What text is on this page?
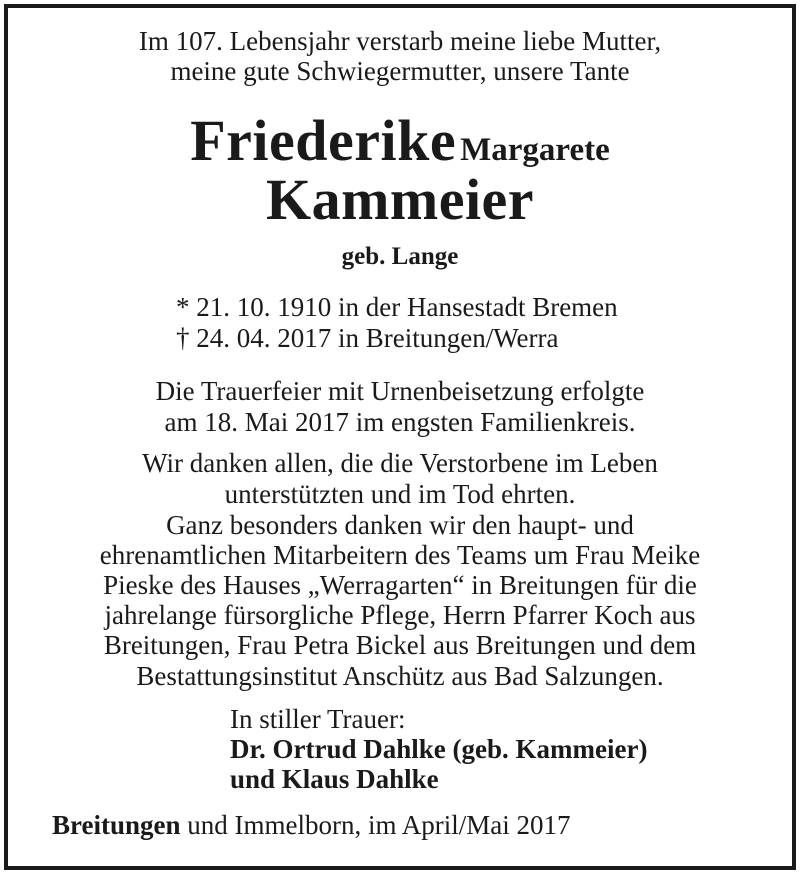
Im 107. Lebensjahr verstarb meine liebe Mutter,
meine gute Schwiegermutter, unsere Tante
Friederike Margarete
Kammeier
geb. Lange
* 21. 10. 1910 in der Hansestadt Bremen
† 24. 04. 2017 in Breitungen/Werra
Die Trauerfeier mit Urnenbeisetzung erfolgte
am 18. Mai 2017 im engsten Familienkreis.
Wir danken allen, die die Verstorbene im Leben
unterstützten und im Tod ehrten.
Ganz besonders danken wir den haupt- und
ehrenamtlichen Mitarbeitern des Teams um Frau Meike
Pieske des Hauses „Werragarten“ in Breitungen für die
jahrelange fürsorgliche Pflege, Herrn Pfarrer Koch aus
Breitungen, Frau Petra Bickel aus Breitungen und dem
Bestattungsinstitut Anschütz aus Bad Salzungen.
In stiller Trauer:
Dr. Ortrud Dahlke (geb. Kammeier)
und Klaus Dahlke
Breitungen und Immelborn, im April/Mai 2017
